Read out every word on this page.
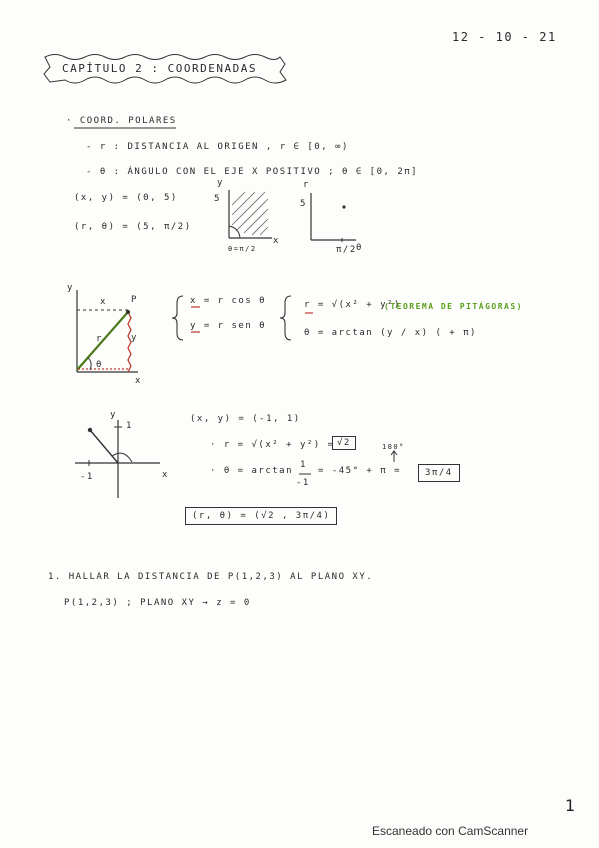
12 - 10 - 21
CAPÍTULO 2 : COORDENADAS
· COORD. POLARES
- r : DISTANCIA AL ORIGEN , r ∈ [0, ∞)
- θ : ÁNGULO CON EL EJE X POSITIVO ; θ ∈ [0, 2π]
(x, y) = (0, 5)
(r, θ) = (5, π/2)
y
5
x
θ=π/2
r
5
π/2 θ
y
x
P
x
y
r
θ
x = r cos θ
y = r sen θ
r = √(x² + y²)
(TEOREMA DE PITÁGORAS)
θ = arctan (y / x) ( + π)
y
1
-1	x
(x, y) = (-1, 1)
· r = √(x² + y²) = √2
· θ = arctan
1
-1
= -45° + π =
180°
3π/4
(r, θ) = (√2 , 3π/4)
1. HALLAR LA DISTANCIA DE P(1,2,3) AL PLANO XY.
P(1,2,3) ; PLANO XY → z = 0
1
Escaneado con CamScanner
